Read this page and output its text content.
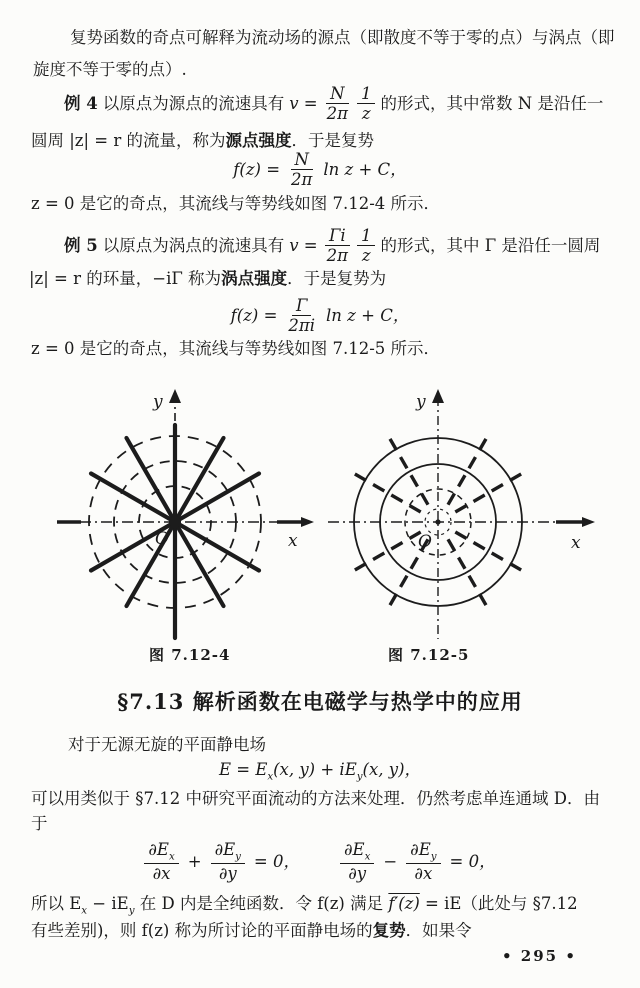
复势函数的奇点可解释为流动场的源点（即散度不等于零的点）与涡点（即
旋度不等于零的点）.
例 4 以原点为源点的流速具有 $v = \frac{N}{2\pi} \frac{1}{z}$ 的形式，其中常数 N 是沿任一
圆周 |z| = r 的流量，称为源点强度．于是复势
$f(z) = \frac{N}{2\pi}$ ln z + C，
z = 0 是它的奇点，其流线与等势线如图 7.12-4 所示．
例 5 以原点为涡点的流速具有 $v = \frac{\Gamma i}{2\pi} \frac{1}{z}$ 的形式，其中 Γ 是沿任一圆周
|z| = r 的环量，−iΓ 称为涡点强度．于是复势为
$f(z) = \frac{\Gamma}{2\pi i}$ ln z + C，
z = 0 是它的奇点，其流线与等势线如图 7.12-5 所示．
x
y
O	x
y
O
图 7.12-4	图 7.12-5
§7.13 解析函数在电磁学与热学中的应用
对于无源无旋的平面静电场
$E = E_x(x$, $y) + iE_y(x$, y)，
可以用类似于 §7.12 中研究平面流动的方法来处理．仍然考虑单连通域 D．由
于
$\frac{\partial E_x}{\partial x} + \frac{\partial E_y}{\partial y} = 0$， $\frac{\partial E_x}{\partial y} - \frac{\partial E_y}{\partial x} = 0$，
所以 $E_x - iE_y$ 在 D 内是全纯函数．令 f(z) 满足 f′(z) = iE（此处与 §7.12
有些差别)，则 f(z) 称为所讨论的平面静电场的复势．如果令
• 295 •
